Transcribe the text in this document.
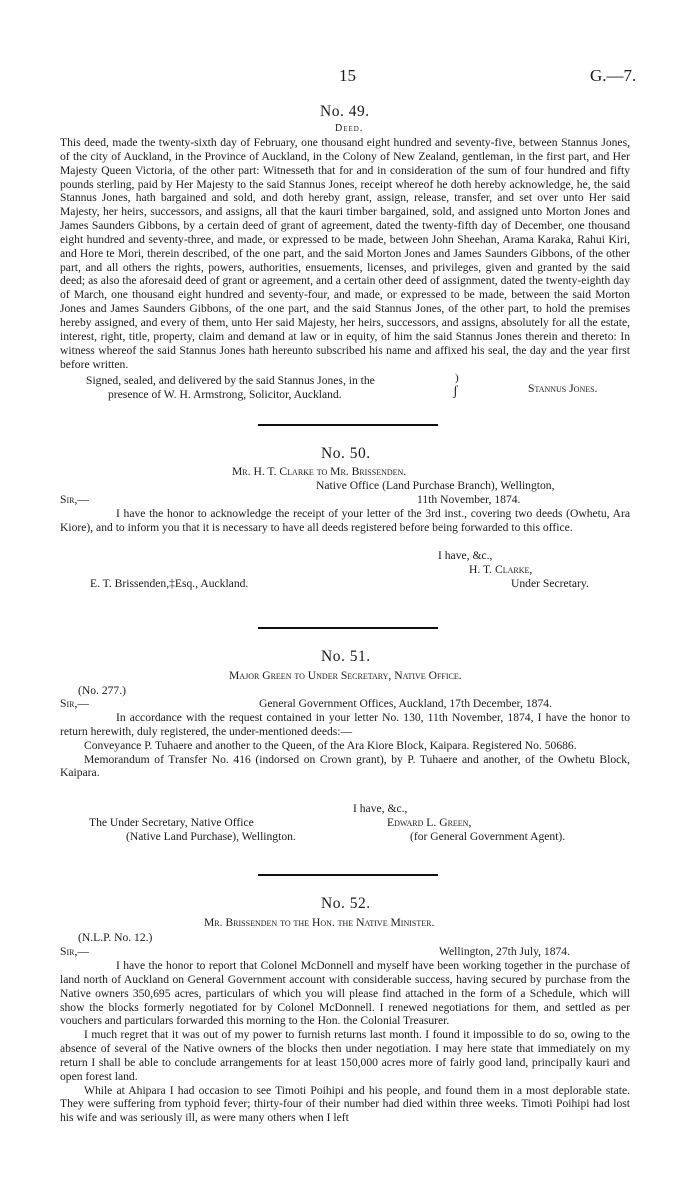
15	G.—7.
No. 49.
Deed.

This deed, made the twenty-sixth day of February, one thousand eight hundred and seventy-five, between Stannus Jones, of the city of Auckland, in the Province of Auckland, in the Colony of New Zealand, gentleman, in the first part, and Her Majesty Queen Victoria, of the other part: Witnesseth that for and in consideration of the sum of four hundred and fifty pounds sterling, paid by Her Majesty to the said Stannus Jones, receipt whereof he doth hereby acknowledge, he, the said Stannus Jones, hath bargained and sold, and doth hereby grant, assign, release, transfer, and set over unto Her said Majesty, her heirs, successors, and assigns, all that the kauri timber bargained, sold, and assigned unto Morton Jones and James Saunders Gibbons, by a certain deed of grant of agreement, dated the twenty-fifth day of December, one thousand eight hundred and seventy-three, and made, or expressed to be made, between John Sheehan, Arama Karaka, Rahui Kiri, and Hore te Mori, therein described, of the one part, and the said Morton Jones and James Saunders Gibbons, of the other part, and all others the rights, powers, authorities, ensuements, licenses, and privileges, given and granted by the said deed; as also the aforesaid deed of grant or agreement, and a certain other deed of assignment, dated the twenty-eighth day of March, one thousand eight hundred and seventy-four, and made, or expressed to be made, between the said Morton Jones and James Saunders Gibbons, of the one part, and the said Stannus Jones, of the other part, to hold the premises hereby assigned, and every of them, unto Her said Majesty, her heirs, successors, and assigns, absolutely for all the estate, interest, right, title, property, claim and demand at law or in equity, of him the said Stannus Jones therein and thereto: In witness whereof the said Stannus Jones hath hereunto subscribed his name and affixed his seal, the day and the year first before written.

Signed, sealed, and delivered by the said Stannus Jones, in the
presence of W. H. Armstrong, Solicitor, Auckland.
)
ʃ	Stannus Jones.
No. 50.
Mr. H. T. Clarke to Mr. Brissenden.
Native Office (Land Purchase Branch), Wellington,
Sir,—	11th November, 1874.

I have the honor to acknowledge the receipt of your letter of the 3rd inst., covering two deeds (Owhetu, Ara Kiore), and to inform you that it is necessary to have all deeds registered before being forwarded to this office.

I have, &c.,
H. T. Clarke,
E. T. Brissenden,‡Esq., Auckland.	Under Secretary.
No. 51.
Major Green to Under Secretary, Native Office.
(No. 277.)
Sir,—	General Government Offices, Auckland, 17th December, 1874.

In accordance with the request contained in your letter No. 130, 11th November, 1874, I have the honor to return herewith, duly registered, the under-mentioned deeds:—

Conveyance P. Tuhaere and another to the Queen, of the Ara Kiore Block, Kaipara. Registered No. 50686.

Memorandum of Transfer No. 416 (indorsed on Crown grant), by P. Tuhaere and another, of the Owhetu Block, Kaipara.

I have, &c.,
The Under Secretary, Native Office	Edward L. Green,
(Native Land Purchase), Wellington.	(for General Government Agent).
No. 52.
Mr. Brissenden to the Hon. the Native Minister.
(N.L.P. No. 12.)
Sir,—	Wellington, 27th July, 1874.

I have the honor to report that Colonel McDonnell and myself have been working together in the purchase of land north of Auckland on General Government account with considerable success, having secured by purchase from the Native owners 350,695 acres, particulars of which you will please find attached in the form of a Schedule, which will show the blocks formerly negotiated for by Colonel McDonnell. I renewed negotiations for them, and settled as per vouchers and particulars forwarded this morning to the Hon. the Colonial Treasurer.

I much regret that it was out of my power to furnish returns last month. I found it impossible to do so, owing to the absence of several of the Native owners of the blocks then under negotiation. I may here state that immediately on my return I shall be able to conclude arrangements for at least 150,000 acres more of fairly good land, principally kauri and open forest land.

While at Ahipara I had occasion to see Timoti Poihipi and his people, and found them in a most deplorable state. They were suffering from typhoid fever; thirty-four of their number had died within three weeks. Timoti Poihipi had lost his wife and was seriously ill, as were many others when I left
